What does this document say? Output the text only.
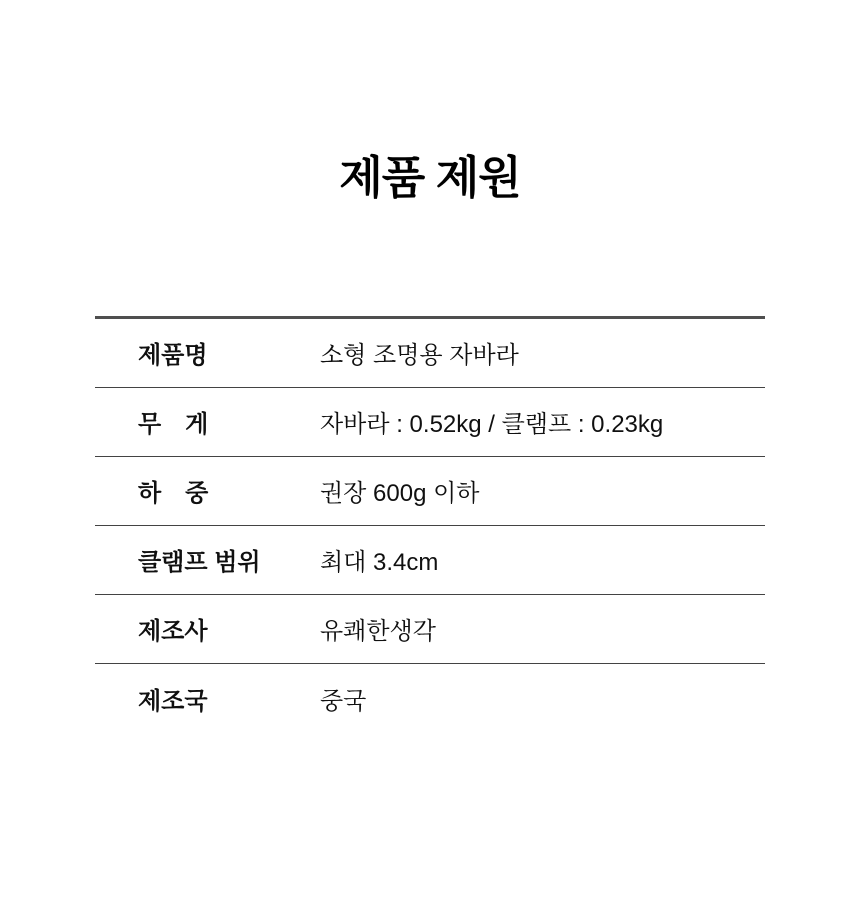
제품 제원
제품명	소형 조명용 자바라
무　게	자바라 : 0.52kg / 클램프 : 0.23kg
하　중	권장 600g 이하
클램프 범위	최대 3.4cm
제조사	유쾌한생각
제조국	중국
